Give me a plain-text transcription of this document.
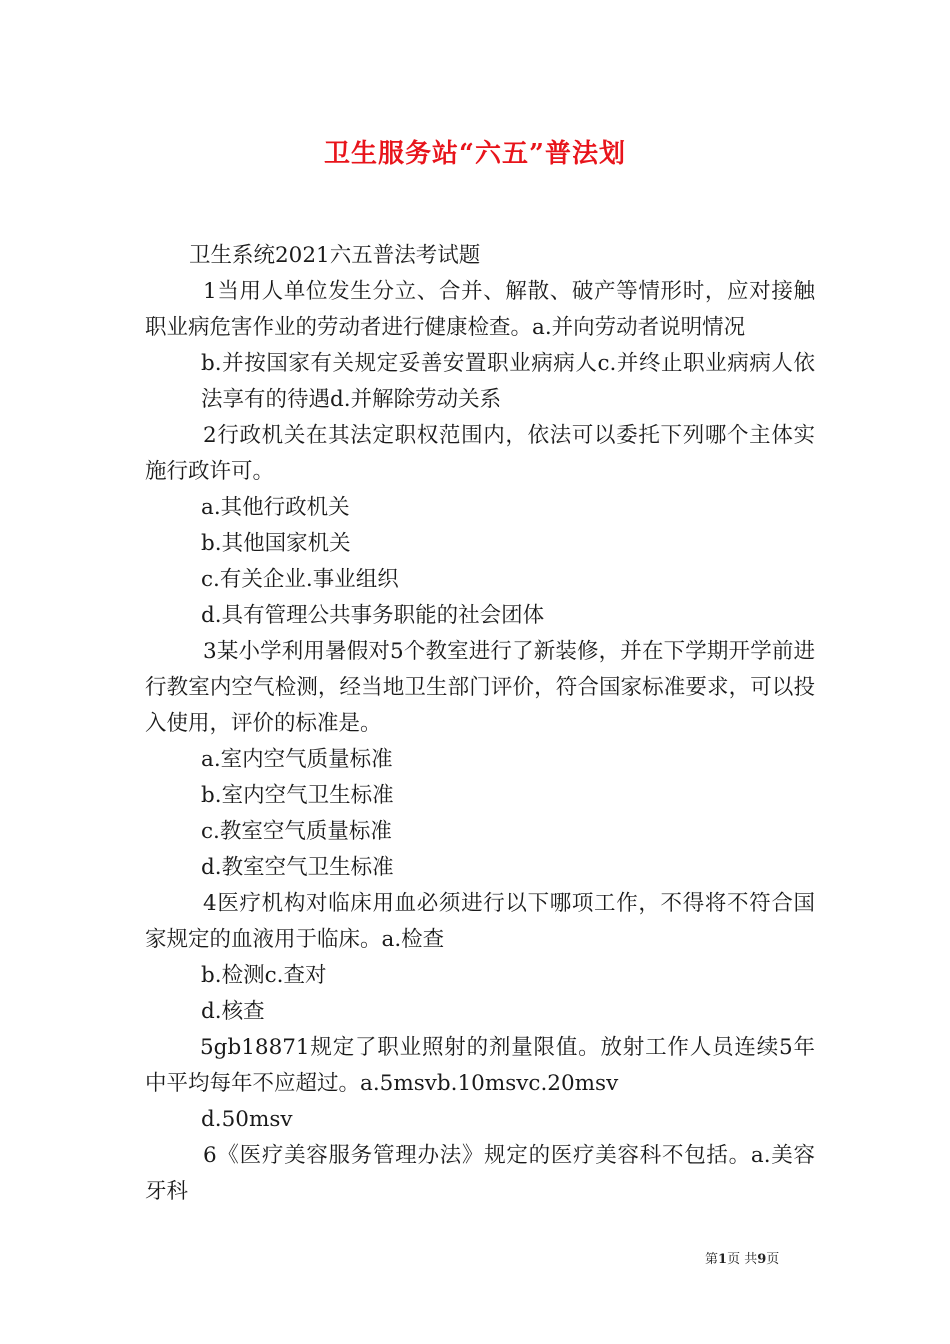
卫生服务站“六五”普法划

卫生系统2021六五普法考试题

1当用人单位发生分立、合并、解散、破产等情形时，应对接触职业病危害作业的劳动者进行健康检查。a.并向劳动者说明情况

b.并按国家有关规定妥善安置职业病病人c.并终止职业病病人依法享有的待遇d.并解除劳动关系

2行政机关在其法定职权范围内，依法可以委托下列哪个主体实施行政许可。

a.其他行政机关

b.其他国家机关

c.有关企业.事业组织

d.具有管理公共事务职能的社会团体

3某小学利用暑假对5个教室进行了新装修，并在下学期开学前进行教室内空气检测，经当地卫生部门评价，符合国家标准要求，可以投入使用，评价的标准是。

a.室内空气质量标准

b.室内空气卫生标准

c.教室空气质量标准

d.教室空气卫生标准

4医疗机构对临床用血必须进行以下哪项工作，不得将不符合国家规定的血液用于临床。a.检查

b.检测c.查对

d.核查

5gb18871规定了职业照射的剂量限值。放射工作人员连续5年中平均每年不应超过。a.5msvb.10msvc.20msv

d.50msv

6《医疗美容服务管理办法》规定的医疗美容科不包括。a.美容牙科

第1页 共9页
